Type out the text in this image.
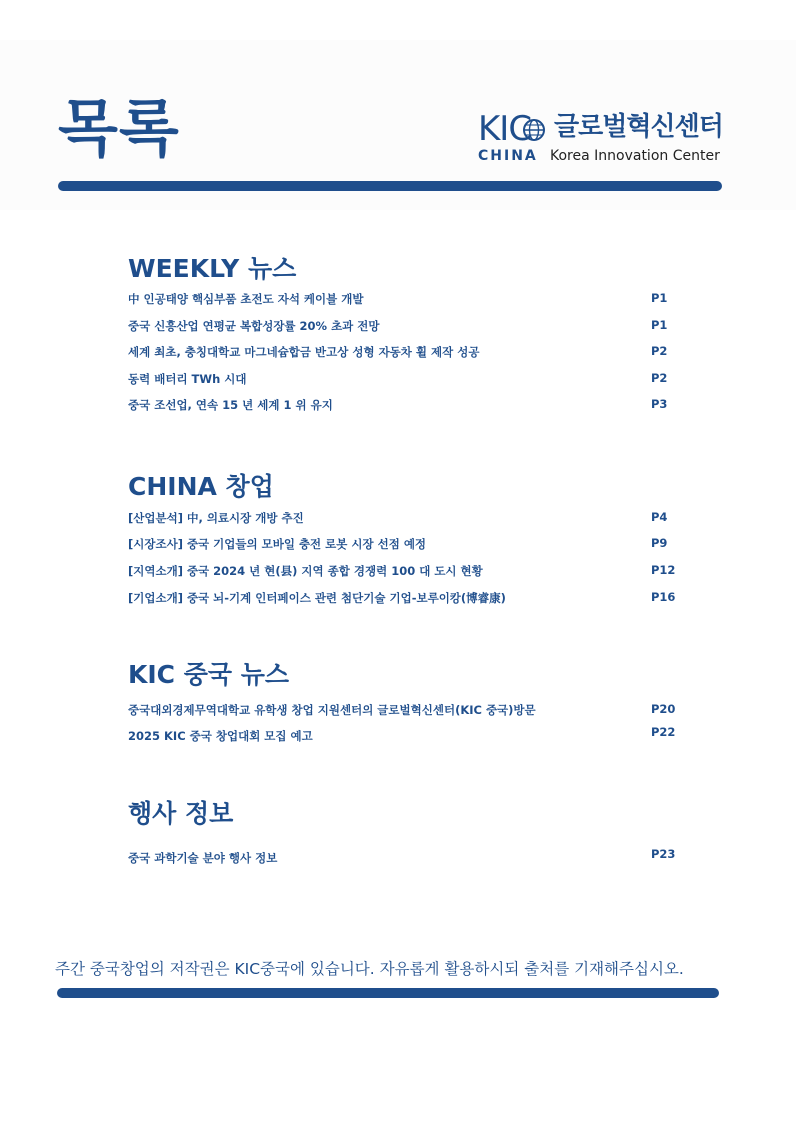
목록	KIC 글로벌혁신센터
CHINA Korea Innovation Center
WEEKLY 뉴스
中 인공태양 핵심부품 초전도 자석 케이블 개발	P1
중국 신흥산업 연평균 복합성장률 20% 초과 전망	P1
세계 최초, 충칭대학교 마그네슘합금 반고상 성형 자동차 휠 제작 성공	P2
동력 배터리 TWh 시대	P2
중국 조선업, 연속 15 년 세계 1 위 유지	P3
CHINA 창업
[산업분석] 中, 의료시장 개방 추진	P4
[시장조사] 중국 기업들의 모바일 충전 로봇 시장 선점 예정	P9
[지역소개] 중국 2024 년 현(县) 지역 종합 경쟁력 100 대 도시 현황	P12
[기업소개] 중국 뇌-기계 인터페이스 관련 첨단기술 기업-보루이캉(博睿康)	P16
KIC 중국 뉴스
중국대외경제무역대학교 유학생 창업 지원센터의 글로벌혁신센터(KIC 중국)방문	P20
2025 KIC 중국 창업대회 모집 예고	P22
행사 정보
중국 과학기술 분야 행사 정보	P23
주간 중국창업의 저작권은 KIC중국에 있습니다. 자유롭게 활용하시되 출처를 기재해주십시오.
